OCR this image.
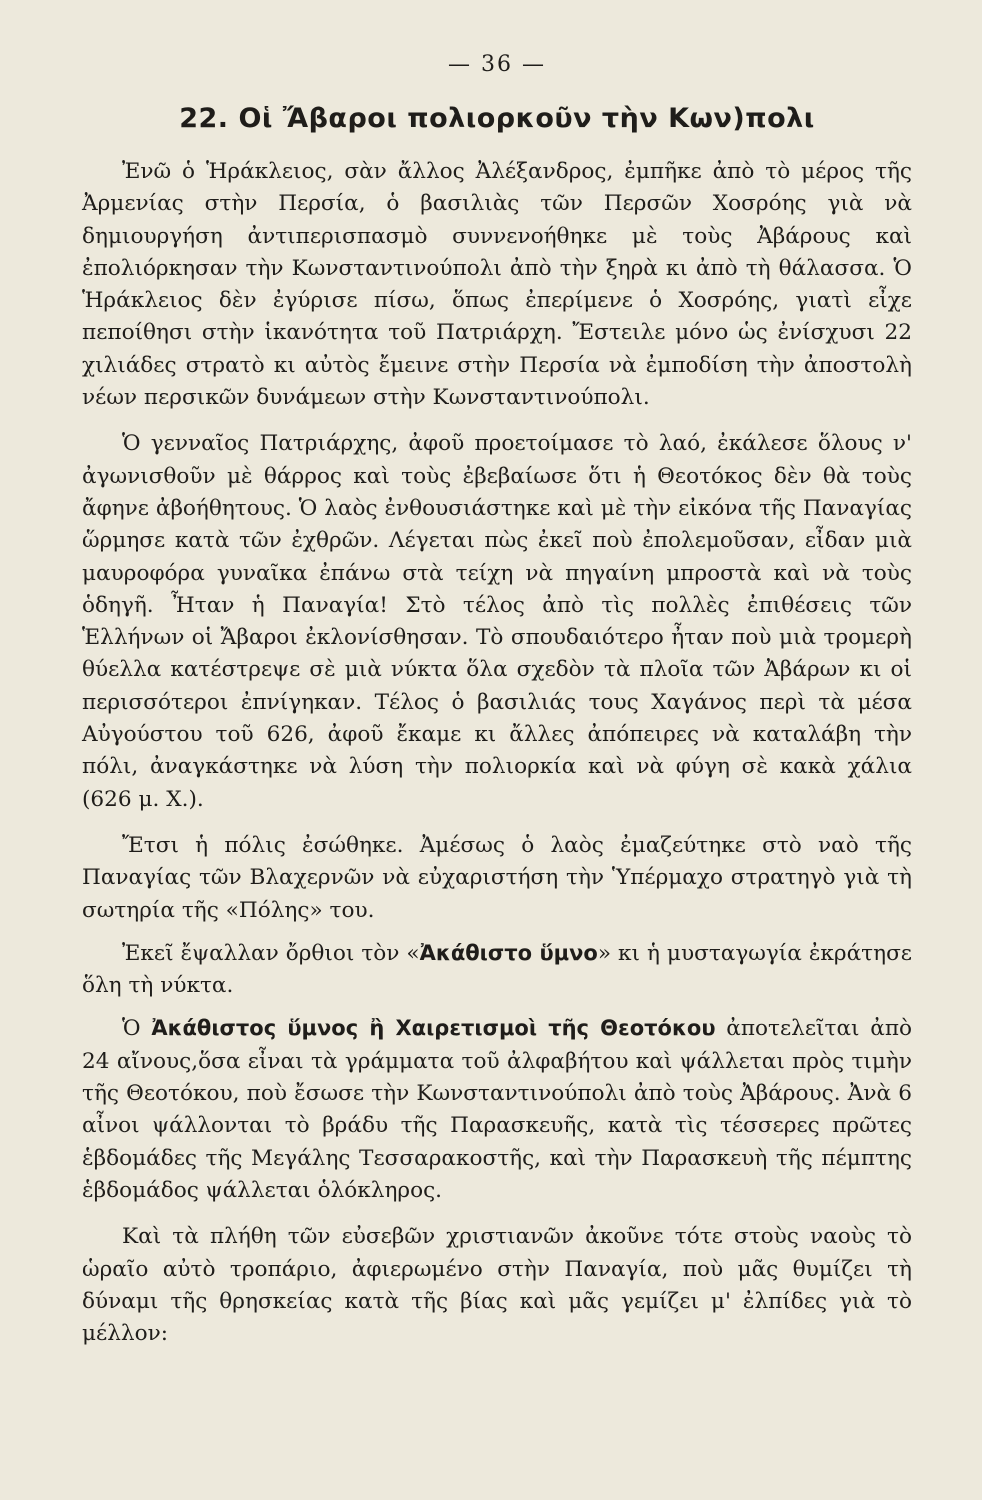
— 36 —
22. Οἱ Ἄβαροι πολιορκοῦν τὴν Κων)πολι

Ἐνῶ ὁ Ἡράκλειος, σὰν ἄλλος Ἀλέξανδρος, ἐμπῆκε ἀπὸ τὸ μέρος τῆς Ἀρμενίας στὴν Περσία, ὁ βασιλιὰς τῶν Περσῶν Χοσρόης γιὰ νὰ δημιουργήση ἀντιπερισπασμὸ συννενοήθηκε μὲ τοὺς Ἀβάρους καὶ ἐπολιόρκησαν τὴν Κωνσταντινούπολι ἀπὸ τὴν ξηρὰ κι ἀπὸ τὴ θάλασσα. Ὁ Ἡράκλειος δὲν ἐγύρισε πίσω, ὅπως ἐπερίμενε ὁ Χοσρόης, γιατὶ εἶχε πεποίθησι στὴν ἱκανότητα τοῦ Πατριάρχη. Ἔστειλε μόνο ὡς ἐνίσχυσι 22 χιλιάδες στρατὸ κι αὐτὸς ἔμεινε στὴν Περσία νὰ ἐμποδίση τὴν ἀποστολὴ νέων περσικῶν δυνάμεων στὴν Κωνσταντινούπολι.

Ὁ γενναῖος Πατριάρχης, ἀφοῦ προετοίμασε τὸ λαό, ἐκάλεσε ὅλους ν' ἀγωνισθοῦν μὲ θάρρος καὶ τοὺς ἐβεβαίωσε ὅτι ἡ Θεοτόκος δὲν θὰ τοὺς ἄφηνε ἀβοήθητους. Ὁ λαὸς ἐνθουσιάστηκε καὶ μὲ τὴν εἰκόνα τῆς Παναγίας ὥρμησε κατὰ τῶν ἐχθρῶν. Λέγεται πὼς ἐκεῖ ποὺ ἐπολεμοῦσαν, εἶδαν μιὰ μαυροφόρα γυναῖκα ἐπάνω στὰ τείχη νὰ πηγαίνη μπροστὰ καὶ νὰ τοὺς ὁδηγῆ. Ἦταν ἡ Παναγία! Στὸ τέλος ἀπὸ τὶς πολλὲς ἐπιθέσεις τῶν Ἑλλήνων οἱ Ἄβαροι ἐκλονίσθησαν. Τὸ σπουδαιότερο ἦταν ποὺ μιὰ τρομερὴ θύελλα κατέστρεψε σὲ μιὰ νύκτα ὅλα σχεδὸν τὰ πλοῖα τῶν Ἀβάρων κι οἱ περισσότεροι ἐπνίγηκαν. Τέλος ὁ βασιλιάς τους Χαγάνος περὶ τὰ μέσα Αὐγούστου τοῦ 626, ἀφοῦ ἔκαμε κι ἄλλες ἀπόπειρες νὰ καταλάβη τὴν πόλι, ἀναγκάστηκε νὰ λύση τὴν πολιορκία καὶ νὰ φύγη σὲ κακὰ χάλια (626 μ. Χ.).

Ἔτσι ἡ πόλις ἐσώθηκε. Ἀμέσως ὁ λαὸς ἐμαζεύτηκε στὸ ναὸ τῆς Παναγίας τῶν Βλαχερνῶν νὰ εὐχαριστήση τὴν Ὑπέρμαχο στρατηγὸ γιὰ τὴ σωτηρία τῆς «Πόλης» του.

Ἐκεῖ ἔψαλλαν ὄρθιοι τὸν «Ἀκάθιστο ὕμνο» κι ἡ μυσταγωγία ἐκράτησε ὅλη τὴ νύκτα.

Ὁ Ἀκάθιστος ὕμνος ἢ Χαιρετισμοὶ τῆς Θεοτόκου ἀποτελεῖται ἀπὸ 24 αἴνους,ὅσα εἶναι τὰ γράμματα τοῦ ἀλφαβήτου καὶ ψάλλεται πρὸς τιμὴν τῆς Θεοτόκου, ποὺ ἔσωσε τὴν Κωνσταντινούπολι ἀπὸ τοὺς Ἀβάρους. Ἀνὰ 6 αἶνοι ψάλλονται τὸ βράδυ τῆς Παρασκευῆς, κατὰ τὶς τέσσερες πρῶτες ἑβδομάδες τῆς Μεγάλης Τεσσαρακοστῆς, καὶ τὴν Παρασκευὴ τῆς πέμπτης ἑβδομάδος ψάλλεται ὁλόκληρος.

Καὶ τὰ πλήθη τῶν εὐσεβῶν χριστιανῶν ἀκοῦνε τότε στοὺς ναοὺς τὸ ὡραῖο αὐτὸ τροπάριο, ἀφιερωμένο στὴν Παναγία, ποὺ μᾶς θυμίζει τὴ δύναμι τῆς θρησκείας κατὰ τῆς βίας καὶ μᾶς γεμίζει μ' ἐλπίδες γιὰ τὸ μέλλον:
